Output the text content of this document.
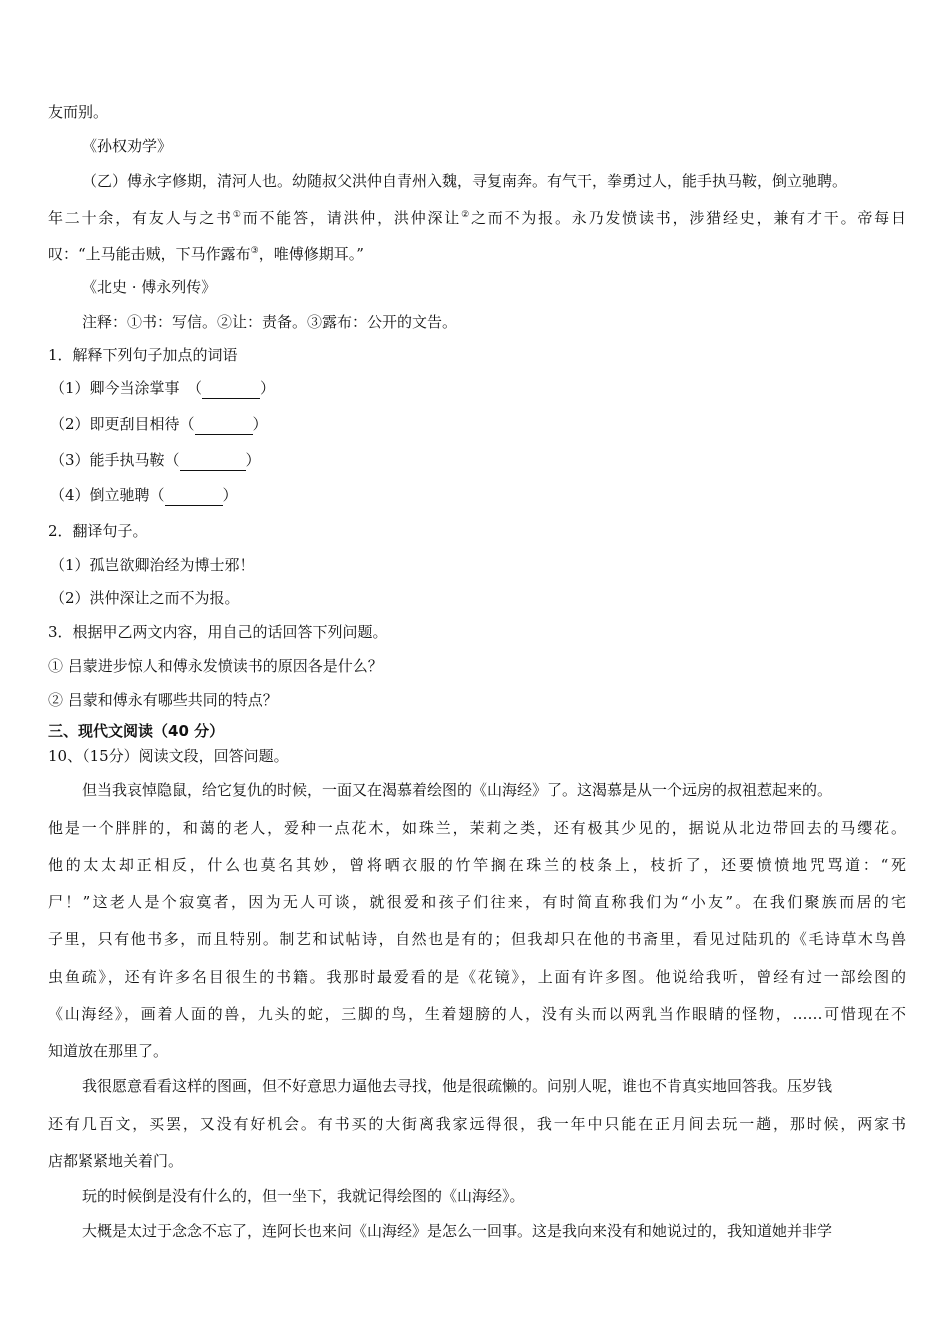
友而别。

《孙权劝学》

（乙）傅永字修期，清河人也。幼随叔父洪仲自青州入魏，寻复南奔。有气干，拳勇过人，能手执马鞍，倒立驰聘。

年二十余，有友人与之书①而不能答，请洪仲，洪仲深让②之而不为报。永乃发愤读书，涉猎经史，兼有才干。帝每日

叹：“上马能击贼，下马作露布③，唯傅修期耳。”

《北史 · 傅永列传》

注释：①书：写信。②让：责备。③露布：公开的文告。

1．解释下列句子加点的词语

（1）卿今当涂掌事　（	）

（2）即更刮目相待（	）

（3）能手执马鞍（	）

（4）倒立驰聘（	）

2．翻译句子。

（1）孤岂欲卿治经为博士邪！

（2）洪仲深让之而不为报。

3．根据甲乙两文内容，用自己的话回答下列问题。

① 吕蒙进步惊人和傅永发愤读书的原因各是什么？

② 吕蒙和傅永有哪些共同的特点？

三、现代文阅读（40 分）

10、（15分）阅读文段，回答问题。

但当我哀悼隐鼠，给它复仇的时候，一面又在渴慕着绘图的《山海经》了。这渴慕是从一个远房的叔祖惹起来的。

他是一个胖胖的，和蔼的老人，爱种一点花木，如珠兰，茉莉之类，还有极其少见的，据说从北边带回去的马缨花。

他的太太却正相反，什么也莫名其妙，曾将晒衣服的竹竿搁在珠兰的枝条上，枝折了，还要愤愤地咒骂道：“死

尸！”这老人是个寂寞者，因为无人可谈，就很爱和孩子们往来，有时简直称我们为“小友”。在我们聚族而居的宅

子里，只有他书多，而且特别。制艺和试帖诗，自然也是有的；但我却只在他的书斋里，看见过陆玑的《毛诗草木鸟兽

虫鱼疏》，还有许多名目很生的书籍。我那时最爱看的是《花镜》，上面有许多图。他说给我听，曾经有过一部绘图的

《山海经》，画着人面的兽，九头的蛇，三脚的鸟，生着翅膀的人，没有头而以两乳当作眼睛的怪物，……可惜现在不

知道放在那里了。

我很愿意看看这样的图画，但不好意思力逼他去寻找，他是很疏懒的。问别人呢，谁也不肯真实地回答我。压岁钱

还有几百文，买罢，又没有好机会。有书买的大街离我家远得很，我一年中只能在正月间去玩一趟，那时候，两家书

店都紧紧地关着门。

玩的时候倒是没有什么的，但一坐下，我就记得绘图的《山海经》。

大概是太过于念念不忘了，连阿长也来问《山海经》是怎么一回事。这是我向来没有和她说过的，我知道她并非学
